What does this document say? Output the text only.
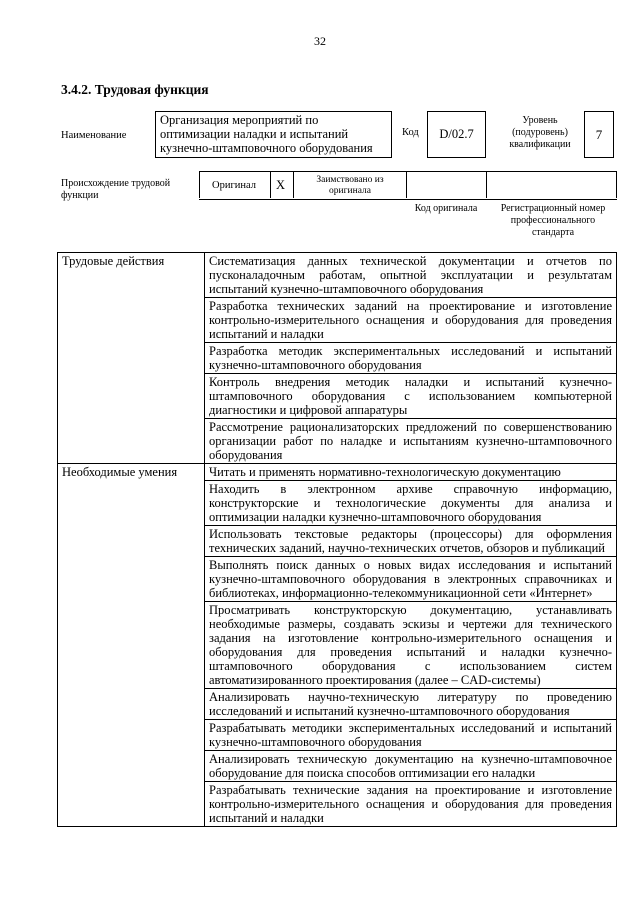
32
3.4.2. Трудовая функция
Наименование
Организация мероприятий по оптимизации наладки и испытаний кузнечно-штамповочного оборудования
Код D/02.7
Уровень (подуровень) квалификации
7
Происхождение трудовой функции
Оригинал X	Заимствовано из оригинала
Код оригинала	Регистрационный номер профессионального стандарта
Трудовые действия	Систематизация данных технической документации и отчетов по пусконаладочным работам, опытной эксплуатации и результатам испытаний кузнечно-штамповочного оборудования
	Разработка технических заданий на проектирование и изготовление контрольно-измерительного оснащения и оборудования для проведения испытаний и наладки
	Разработка методик экспериментальных исследований и испытаний кузнечно-штамповочного оборудования
	Контроль внедрения методик наладки и испытаний кузнечно-штамповочного оборудования с использованием компьютерной диагностики и цифровой аппаратуры
	Рассмотрение рационализаторских предложений по совершенствованию организации работ по наладке и испытаниям кузнечно-штамповочного оборудования
Необходимые умения	Читать и применять нормативно-технологическую документацию
	Находить в электронном архиве справочную информацию, конструкторские и технологические документы для анализа и оптимизации наладки кузнечно-штамповочного оборудования
	Использовать текстовые редакторы (процессоры) для оформления технических заданий, научно-технических отчетов, обзоров и публикаций
	Выполнять поиск данных о новых видах исследования и испытаний кузнечно-штамповочного оборудования в электронных справочниках и библиотеках, информационно-телекоммуникационной сети «Интернет»
	Просматривать конструкторскую документацию, устанавливать необходимые размеры, создавать эскизы и чертежи для технического задания на изготовление контрольно-измерительного оснащения и оборудования для проведения испытаний и наладки кузнечно-штамповочного оборудования с использованием систем автоматизированного проектирования (далее – CAD-системы)
	Анализировать научно-техническую литературу по проведению исследований и испытаний кузнечно-штамповочного оборудования
	Разрабатывать методики экспериментальных исследований и испытаний кузнечно-штамповочного оборудования
	Анализировать техническую документацию на кузнечно-штамповочное оборудование для поиска способов оптимизации его наладки
	Разрабатывать технические задания на проектирование и изготовление контрольно-измерительного оснащения и оборудования для проведения испытаний и наладки
